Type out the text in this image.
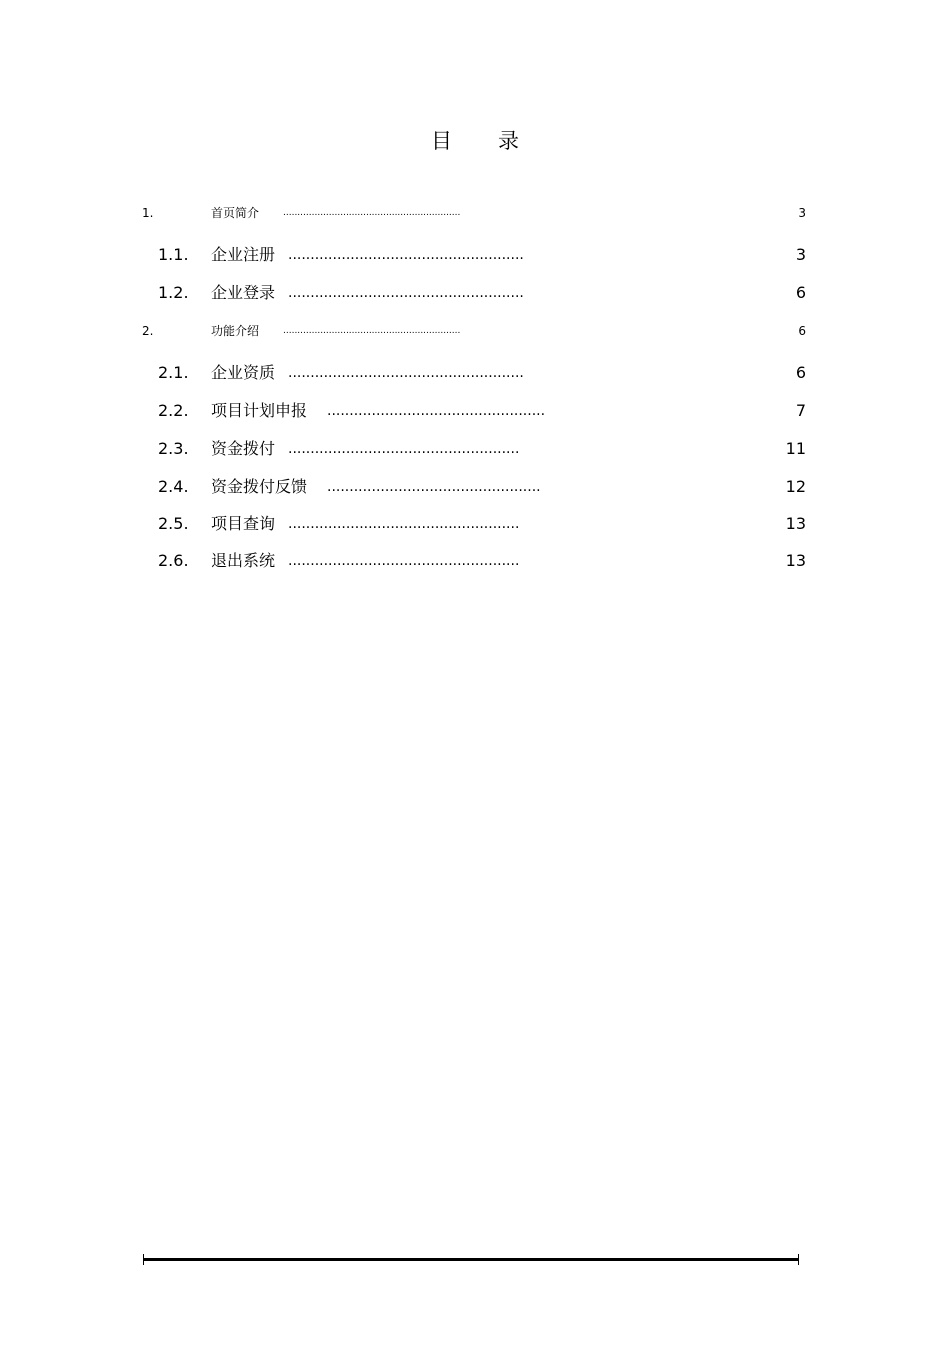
目 录
1.	首页简介	..............................................................	3
1.1. 企业注册 .....................................................	3
1.2. 企业登录 .....................................................	6
2.	功能介绍	..............................................................	6
2.1. 企业资质 .....................................................	6
2.2. 项目计划申报 .................................................	7
2.3. 资金拨付 ....................................................	11
2.4. 资金拨付反馈 ................................................	12
2.5. 项目查询 ....................................................	13
2.6. 退出系统 ....................................................	13
